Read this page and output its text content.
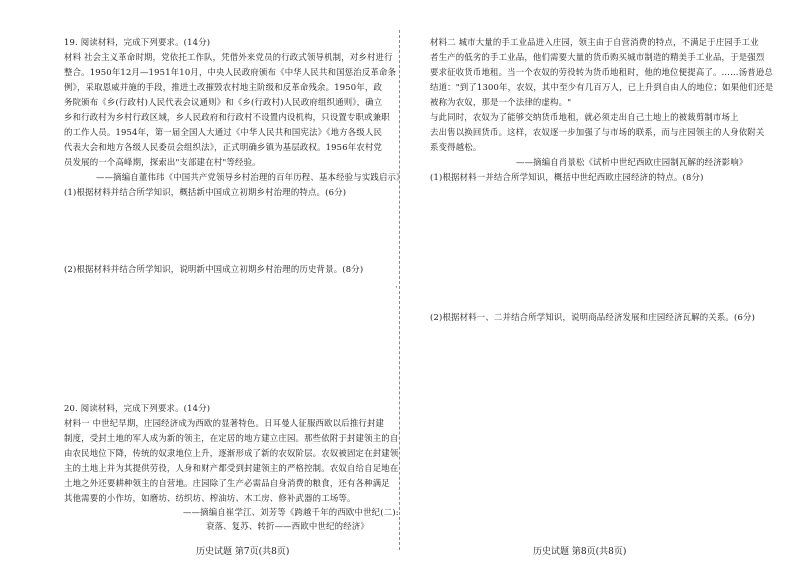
19. 阅读材料，完成下列要求。(14分)
材料 社会主义革命时期，党依托工作队，凭借外来党员的行政式领导机制，对乡村进行
整合。1950年12月—1951年10月，中央人民政府颁布《中华人民共和国惩治反革命条
例》，采取恩威并施的手段，推进土改摧毁农村地主阶级和反革命残余。1950年，政
务院颁布《乡(行政村)人民代表会议通则》和《乡(行政村)人民政府组织通则》，确立
乡和行政村为乡村行政区域，乡人民政府和行政村不设置内设机构，只设置专职或兼职
的工作人员。1954年，第一届全国人大通过《中华人民共和国宪法》《地方各级人民
代表大会和地方各级人民委员会组织法》，正式明确乡镇为基层政权。1956年农村党
员发展的一个高峰期，探索出"支部建在村"等经验。
——摘编自董伟玮《中国共产党领导乡村治理的百年历程、基本经验与实践启示》
(1)根据材料并结合所学知识，概括新中国成立初期乡村治理的特点。(6分)
(2)根据材料并结合所学知识，说明新中国成立初期乡村治理的历史背景。(8分)
20. 阅读材料，完成下列要求。(14分)
材料一 中世纪早期，庄园经济成为西欧的显著特色。日耳曼人征服西欧以后推行封建
制度，受封土地的军人成为新的领主，在定居的地方建立庄园。那些依附于封建领主的自
由农民地位下降，传统的奴隶地位上升，逐渐形成了新的农奴阶层。农奴被固定在封建领
主的土地上并为其提供劳役，人身和财产都受到封建领主的严格控制。农奴自给自足地在
土地之外还要耕种领主的自营地。庄园除了生产必需品自身消费的粮食，还有各种满足
其他需要的小作坊，如磨坊、纺织坊、榨油坊、木工房、修补武器的工场等。
——摘编自崔学江、刘芳等《跨越千年的西欧中世纪(二):
衰落、复苏、转折——西欧中世纪的经济》
历史试题 第7页(共8页)
·
材料二 城市大量的手工业品进入庄园，领主由于自营消费的特点，不满足于庄园手工业
者生产的低劣的手工业品，他们需要大量的货币购买城市制造的精美手工业品，于是强烈
要求征收货币地租。当一个农奴的劳役转为货币地租时，他的地位便提高了。……汤普逊总
结道："到了1300年，农奴，其中至少有几百万人，已上升到自由人的地位；如果他们还是
被称为农奴，那是一个法律的虚构。"
与此同时，农奴为了能够交纳货币地租，就必须走出自己土地上的被裁剪制市场上
去出售以换回货币。这样，农奴逐一步加强了与市场的联系，而与庄园领主的人身依附关
系变得越松。
——摘编自肖景松《试析中世纪西欧庄园制瓦解的经济影响》
(1)根据材料一并结合所学知识，概括中世纪西欧庄园经济的特点。(8分)
(2)根据材料一、二并结合所学知识，说明商品经济发展和庄园经济瓦解的关系。(6分)
历史试题 第8页(共8页)
